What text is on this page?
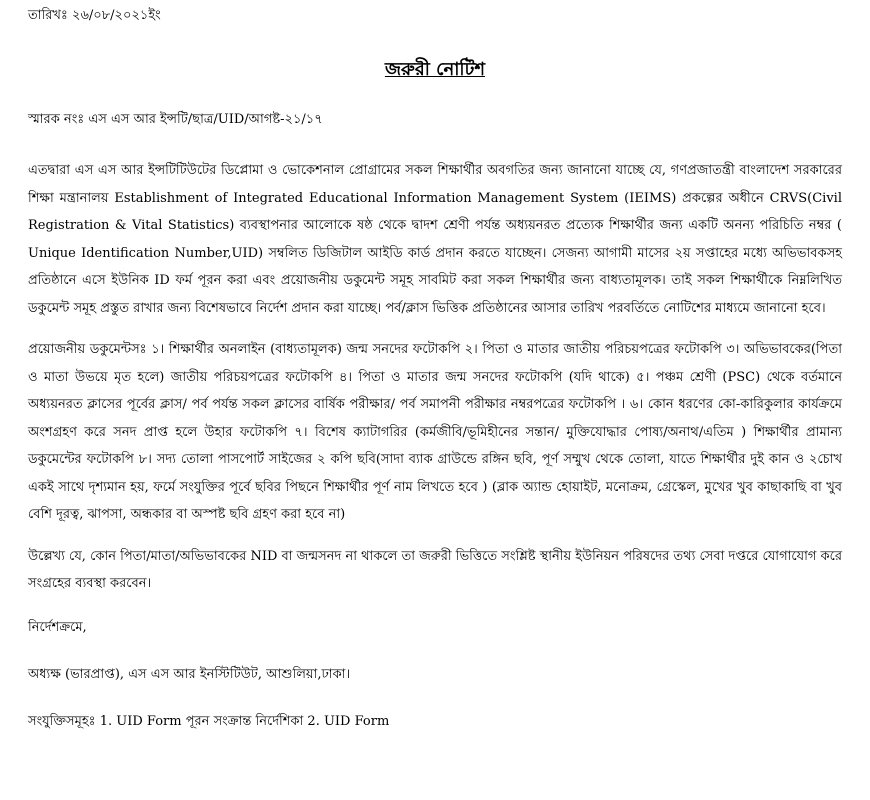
তারিখঃ ২৬/০৮/২০২১ইং
জরুরী নোটিশ
স্মারক নংঃ এস এস আর ইন্সটি/ছাত্র/UID/আগষ্ট-২১/১৭

এতদ্বারা এস এস আর ইন্সটিটিউটের ডিপ্লোমা ও ভোকেশনাল প্রোগ্রামের সকল শিক্ষার্থীর অবগতির জন্য জানানো যাচ্ছে যে, গণপ্রজাতন্ত্রী বাংলাদেশ সরকারের শিক্ষা মন্ত্রানালয় Establishment of Integrated Educational Information Management System (IEIMS) প্রকল্পের অধীনে CRVS(Civil Registration & Vital Statistics) ব্যবস্থাপনার আলোকে ষষ্ঠ থেকে দ্বাদশ শ্রেণী পর্যন্ত অধ্যয়নরত প্রত্যেক শিক্ষার্থীর জন্য একটি অনন্য পরিচিতি নম্বর ( Unique Identification Number,UID) সম্বলিত ডিজিটাল আইডি কার্ড প্রদান করতে যাচ্ছেন। সেজন্য আগামী মাসের ২য় সপ্তাহের মধ্যে অভিভাবকসহ প্রতিষ্ঠানে এসে ইউনিক ID ফর্ম পূরন করা এবং প্রয়োজনীয় ডকুমেন্ট সমূহ সাবমিট করা সকল শিক্ষার্থীর জন্য বাধ্যতামূলক। তাই সকল শিক্ষার্থীকে নিম্নলিখিত ডকুমেন্ট সমূহ প্রস্তুত রাখার জন্য বিশেষভাবে নির্দেশ প্রদান করা যাচ্ছে। পর্ব/ক্লাস ভিত্তিক প্রতিষ্ঠানের আসার তারিখ পরবর্তিতে নোটিশের মাধ্যমে জানানো হবে।

প্রয়োজনীয় ডকুমেন্টসঃ ১। শিক্ষার্থীর অনলাইন (বাধ্যতামূলক) জন্ম সনদের ফটোকপি ২। পিতা ও মাতার জাতীয় পরিচয়পত্রের ফটোকপি ৩। অভিভাবকের(পিতা ও মাতা উভয়ে মৃত হলে) জাতীয় পরিচয়পত্রের ফটোকপি ৪। পিতা ও মাতার জন্ম সনদের ফটোকপি (যদি থাকে) ৫। পঞ্চম শ্রেণী (PSC) থেকে বর্তমানে অধ্যয়নরত ক্লাসের পূর্বের ক্লাস/ পর্ব পর্যন্ত সকল ক্লাসের বার্ষিক পরীক্ষার/ পর্ব সমাপনী পরীক্ষার নম্বরপত্রের ফটোকপি । ৬। কোন ধরণের কো-কারিকুলার কার্যক্রমে অংশগ্রহণ করে সনদ প্রাপ্ত হলে উহার ফটোকপি ৭। বিশেষ ক্যাটাগরির (কর্মজীবি/ভূমিহীনের সন্তান/ মুক্তিযোদ্ধার পোষ্য/অনাথ/এতিম ) শিক্ষার্থীর প্রামান্য ডকুমেন্টের ফটোকপি ৮। সদ্য তোলা পাসপোর্ট সাইজের ২ কপি ছবি(সাদা ব্যাক গ্রাউন্ডে রঙ্গিন ছবি, পূর্ণ সম্মুখ থেকে তোলা, যাতে শিক্ষার্থীর দুই কান ও ২চোখ একই সাথে দৃশ্যমান হয়, ফর্মে সংযুক্তির পূর্বে ছবির পিছনে শিক্ষার্থীর পূর্ণ নাম লিখতে হবে ) (ব্লাক অ্যান্ড হোয়াইট, মনোক্রম, গ্রেস্কেল, মুখের খুব কাছাকাছি বা খুব বেশি দূরত্ব, ঝাপসা, অন্ধকার বা অস্পষ্ট ছবি গ্রহণ করা হবে না)

উল্লেখ্য যে, কোন পিতা/মাতা/অভিভাবকের NID বা জন্মসনদ না থাকলে তা জরুরী ভিত্তিতে সংশ্লিষ্ট স্থানীয় ইউনিয়ন পরিষদের তথ্য সেবা দপ্তরে যোগাযোগ করে সংগ্রহের ব্যবস্থা করবেন।

নির্দেশক্রমে,
অধ্যক্ষ (ভারপ্রাপ্ত), এস এস আর ইনস্টিটিউট, আশুলিয়া,ঢাকা।
সংযুক্তিসমূহঃ 1. UID Form পূরন সংক্রান্ত নির্দেশিকা 2. UID Form
